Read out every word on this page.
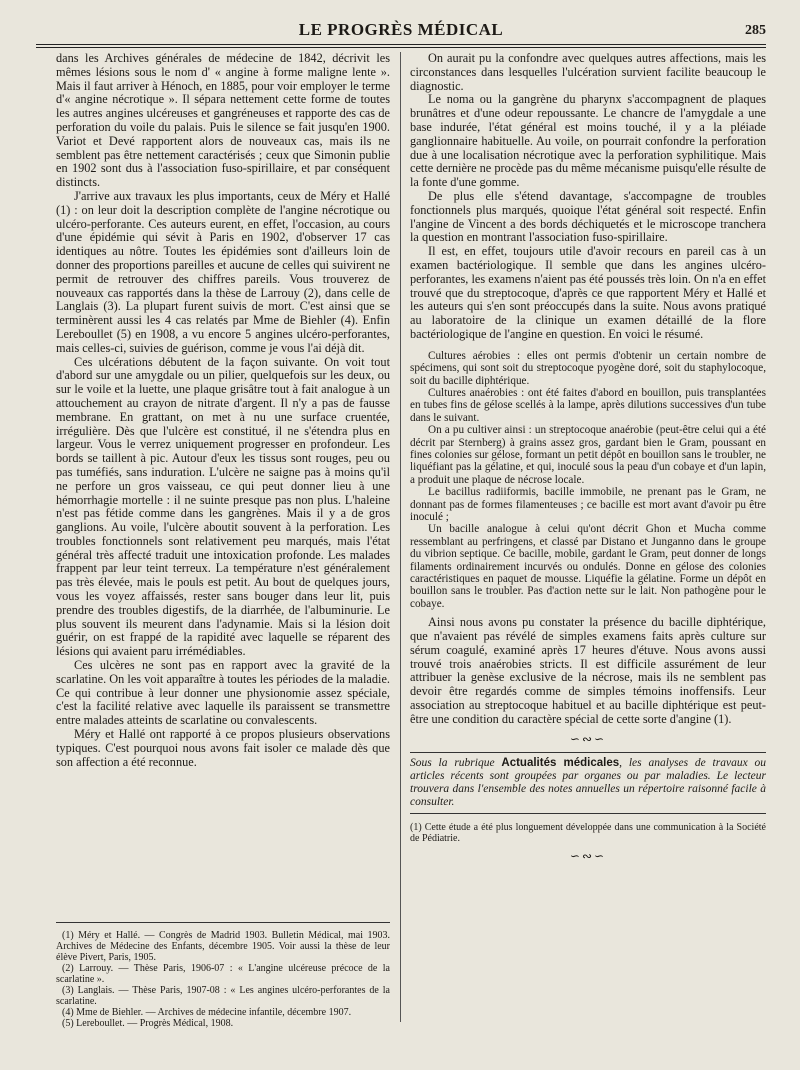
LE PROGRÈS MÉDICAL	285

dans les Archives générales de médecine de 1842, décrivit les mêmes lésions sous le nom d' « angine à forme maligne lente ». Mais il faut arriver à Hénoch, en 1885, pour voir employer le terme d'« angine nécrotique ». Il sépara nettement cette forme de toutes les autres angines ulcéreuses et gangréneuses et rapporte des cas de perforation du voile du palais. Puis le silence se fait jusqu'en 1900. Variot et Devé rapportent alors de nouveaux cas, mais ils ne semblent pas être nettement caractérisés ; ceux que Simonin publie en 1902 sont dus à l'association fuso-spirillaire, et par conséquent distincts.

J'arrive aux travaux les plus importants, ceux de Méry et Hallé (1) : on leur doit la description complète de l'angine nécrotique ou ulcéro-perforante. Ces auteurs eurent, en effet, l'occasion, au cours d'une épidémie qui sévit à Paris en 1902, d'observer 17 cas identiques au nôtre. Toutes les épidémies sont d'ailleurs loin de donner des proportions pareilles et aucune de celles qui suivirent ne permit de retrouver des chiffres pareils. Vous trouverez de nouveaux cas rapportés dans la thèse de Larrouy (2), dans celle de Langlais (3). La plupart furent suivis de mort. C'est ainsi que se terminèrent aussi les 4 cas relatés par Mme de Biehler (4). Enfin Lereboullet (5) en 1908, a vu encore 5 angines ulcéro-perforantes, mais celles-ci, suivies de guérison, comme je vous l'ai déjà dit.

Ces ulcérations débutent de la façon suivante. On voit tout d'abord sur une amygdale ou un pilier, quelquefois sur les deux, ou sur le voile et la luette, une plaque grisâtre tout à fait analogue à un attouchement au crayon de nitrate d'argent. Il n'y a pas de fausse membrane. En grattant, on met à nu une surface cruentée, irrégulière. Dès que l'ulcère est constitué, il ne s'étendra plus en largeur. Vous le verrez uniquement progresser en profondeur. Les bords se taillent à pic. Autour d'eux les tissus sont rouges, peu ou pas tuméfiés, sans induration. L'ulcère ne saigne pas à moins qu'il ne perfore un gros vaisseau, ce qui peut donner lieu à une hémorrhagie mortelle : il ne suinte presque pas non plus. L'haleine n'est pas fétide comme dans les gangrènes. Mais il y a de gros ganglions. Au voile, l'ulcère aboutit souvent à la perforation. Les troubles fonctionnels sont relativement peu marqués, mais l'état général très affecté traduit une intoxication profonde. Les malades frappent par leur teint terreux. La température n'est généralement pas très élevée, mais le pouls est petit. Au bout de quelques jours, vous les voyez affaissés, rester sans bouger dans leur lit, puis prendre des troubles digestifs, de la diarrhée, de l'albuminurie. Le plus souvent ils meurent dans l'adynamie. Mais si la lésion doit guérir, on est frappé de la rapidité avec laquelle se réparent des lésions qui avaient paru irrémédiables.

Ces ulcères ne sont pas en rapport avec la gravité de la scarlatine. On les voit apparaître à toutes les périodes de la maladie. Ce qui contribue à leur donner une physionomie assez spéciale, c'est la facilité relative avec laquelle ils paraissent se transmettre entre malades atteints de scarlatine ou convalescents.

Méry et Hallé ont rapporté à ce propos plusieurs observations typiques. C'est pourquoi nous avons fait isoler ce malade dès que son affection a été reconnue.

(1) Méry et Hallé. — Congrès de Madrid 1903. Bulletin Médical, mai 1903. Archives de Médecine des Enfants, décembre 1905. Voir aussi la thèse de leur élève Pivert, Paris, 1905.

(2) Larrouy. — Thèse Paris, 1906-07 : « L'angine ulcéreuse précoce de la scarlatine ».

(3) Langlais. — Thèse Paris, 1907-08 : « Les angines ulcéro-perforantes de la scarlatine.

(4) Mme de Biehler. — Archives de médecine infantile, décembre 1907.

(5) Lereboullet. — Progrès Médical, 1908.

On aurait pu la confondre avec quelques autres affections, mais les circonstances dans lesquelles l'ulcération survient facilite beaucoup le diagnostic.

Le noma ou la gangrène du pharynx s'accompagnent de plaques brunâtres et d'une odeur repoussante. Le chancre de l'amygdale a une base indurée, l'état général est moins touché, il y a la pléiade ganglionnaire habituelle. Au voile, on pourrait confondre la perforation due à une localisation nécrotique avec la perforation syphilitique. Mais cette dernière ne procède pas du même mécanisme puisqu'elle résulte de la fonte d'une gomme.

De plus elle s'étend davantage, s'accompagne de troubles fonctionnels plus marqués, quoique l'état général soit respecté. Enfin l'angine de Vincent a des bords déchiquetés et le microscope tranchera la question en montrant l'association fuso-spirillaire.

Il est, en effet, toujours utile d'avoir recours en pareil cas à un examen bactériologique. Il semble que dans les angines ulcéro-perforantes, les examens n'aient pas été poussés très loin. On n'a en effet trouvé que du streptocoque, d'après ce que rapportent Méry et Hallé et les auteurs qui s'en sont préoccupés dans la suite. Nous avons pratiqué au laboratoire de la clinique un examen détaillé de la flore bactériologique de l'angine en question. En voici le résumé.

Cultures aérobies : elles ont permis d'obtenir un certain nombre de spécimens, qui sont soit du streptocoque pyogène doré, soit du staphylocoque, soit du bacille diphtérique.

Cultures anaérobies : ont été faites d'abord en bouillon, puis transplantées en tubes fins de gélose scellés à la lampe, après dilutions successives d'un tube dans le suivant.

On a pu cultiver ainsi : un streptocoque anaérobie (peut-être celui qui a été décrit par Sternberg) à grains assez gros, gardant bien le Gram, poussant en fines colonies sur gélose, formant un petit dépôt en bouillon sans le troubler, ne liquéfiant pas la gélatine, et qui, inoculé sous la peau d'un cobaye et d'un lapin, a produit une plaque de nécrose locale.

Le bacillus radiiformis, bacille immobile, ne prenant pas le Gram, ne donnant pas de formes filamenteuses ; ce bacille est mort avant d'avoir pu être inoculé ;

Un bacille analogue à celui qu'ont décrit Ghon et Mucha comme ressemblant au perfringens, et classé par Distano et Junganno dans le groupe du vibrion septique. Ce bacille, mobile, gardant le Gram, peut donner de longs filaments ordinairement incurvés ou ondulés. Donne en gélose des colonies caractéristiques en paquet de mousse. Liquéfie la gélatine. Forme un dépôt en bouillon sans le troubler. Pas d'action nette sur le lait. Non pathogène pour le cobaye.

Ainsi nous avons pu constater la présence du bacille diphtérique, que n'avaient pas révélé de simples examens faits après culture sur sérum coagulé, examiné après 17 heures d'étuve. Nous avons aussi trouvé trois anaérobies stricts. Il est difficile assurément de leur attribuer la genèse exclusive de la nécrose, mais ils ne semblent pas devoir être regardés comme de simples témoins inoffensifs. Leur association au streptocoque habituel et au bacille diphtérique est peut-être une condition du caractère spécial de cette sorte d'angine (1).

∽∾∽
Sous la rubrique Actualités médicales, les analyses de travaux ou articles récents sont groupées par organes ou par maladies. Le lecteur trouvera dans l'ensemble des notes annuelles un répertoire raisonné facile à consulter.
(1) Cette étude a été plus longuement développée dans une communication à la Société de Pédiatrie.
∽∾∽
